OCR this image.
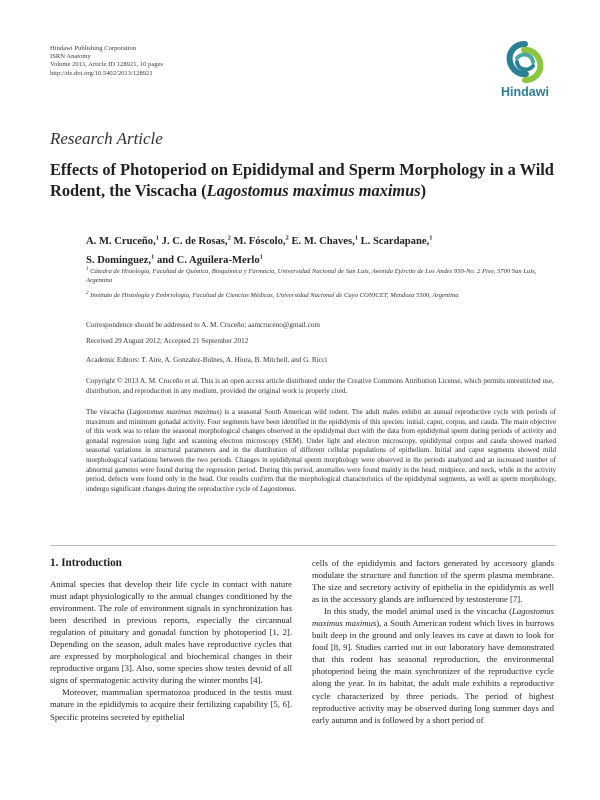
Hindawi Publishing Corporation
ISRN Anatomy
Volume 2013, Article ID 128921, 10 pages
http://dx.doi.org/10.5402/2013/128921
Hindawi
Research Article
Effects of Photoperiod on Epididymal and Sperm Morphology in a Wild Rodent, the Viscacha (Lagostomus maximus maximus)
A. M. Cruceño,$^1$ J. C. de Rosas,$^2$ M. Fóscolo,$^2$ E. M. Chaves,$^1$ L. Scardapane,$^1$
S. Dominguez,$^1$ and C. Aguilera-Merlo$^1$
$^1$ Cátedra de Histología, Facultad de Química, Bioquímica y Farmacia, Universidad Nacional de San Luis, Avenida Ejército de Los Andes 950-No. 2 Piso, 5700 San Luis, Argentina
$^2$ Instituto de Histología y Embriología, Facultad de Ciencias Médicas, Universidad Nacional de Cuyo CONICET, Mendoza 5500, Argentina
Correspondence should be addressed to A. M. Cruceño; aamcruceno@gmail.com
Received 29 August 2012; Accepted 21 September 2012
Academic Editors: T. Aire, A. Gonzalez-Bulnes, A. Hiura, B. Mitchell, and G. Ricci
Copyright © 2013 A. M. Cruceño et al. This is an open access article distributed under the Creative Commons Attribution License, which permits unrestricted use, distribution, and reproduction in any medium, provided the original work is properly cited.
The viscacha (Lagostomus maximus maximus) is a seasonal South American wild rodent. The adult males exhibit an annual reproductive cycle with periods of maximum and minimum gonadal activity. Four segments have been identified in the epididymis of this species: initial, caput, corpus, and cauda. The main objective of this work was to relate the seasonal morphological changes observed in the epididymal duct with the data from epididymal sperm during periods of activity and gonadal regression using light and scanning electron microscopy (SEM). Under light and electron microscopy, epididymal corpus and cauda showed marked seasonal variations in structural parameters and in the distribution of different cellular populations of epithelium. Initial and caput segments showed mild morphological variations between the two periods. Changes in epididymal sperm morphology were observed in the periods analyzed and an increased number of abnormal gametes were found during the regression period. During this period, anomalies were found mainly in the head, midpiece, and neck, while in the activity period, defects were found only in the head. Our results confirm that the morphological characteristics of the epididymal segments, as well as sperm morphology, undergo significant changes during the reproductive cycle of Lagostomus.
1. Introduction

Animal species that develop their life cycle in contact with nature must adapt physiologically to the annual changes conditioned by the environment. The role of environment signals in synchronization has been described in previous reports, especially the circannual regulation of pituitary and gonadal function by photoperiod [1, 2]. Depending on the season, adult males have reproductive cycles that are expressed by morphological and biochemical changes in their reproductive organs [3]. Also, some species show testes devoid of all signs of spermatogenic activity during the winter months [4].

Moreover, mammalian spermatozoa produced in the testis must mature in the epididymis to acquire their fertilizing capability [5, 6]. Specific proteins secreted by epithelial

cells of the epididymis and factors generated by accessory glands modulate the structure and function of the sperm plasma membrane. The size and secretory activity of epithelia in the epididymis as well as in the accessory glands are influenced by testosterone [7].

In this study, the model animal used is the viscacha (Lagostomus maximus maximus), a South American rodent which lives in burrows built deep in the ground and only leaves its cave at dawn to look for food [8, 9]. Studies carried out in our laboratory have demonstrated that this rodent has seasonal reproduction, the environmental photoperiod being the main synchronizer of the reproductive cycle along the year. In its habitat, the adult male exhibits a reproductive cycle characterized by three periods. The period of highest reproductive activity may be observed during long summer days and early autumn and is followed by a short period of
